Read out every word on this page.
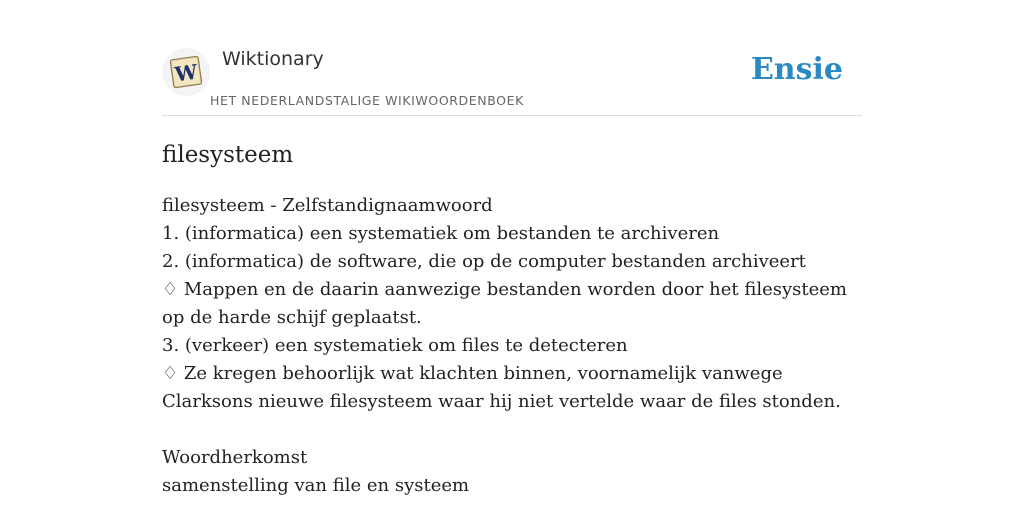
W
Wiktionary
HET NEDERLANDSTALIGE WIKIWOORDENBOEK
Ensie
filesysteem

filesysteem - Zelfstandignaamwoord

1. (informatica) een systematiek om bestanden te archiveren

2. (informatica) de software, die op de computer bestanden archiveert

♢ Mappen en de daarin aanwezige bestanden worden door het filesysteem op de harde schijf geplaatst.

3. (verkeer) een systematiek om files te detecteren

♢ Ze kregen behoorlijk wat klachten binnen, voornamelijk vanwege Clarksons nieuwe filesysteem waar hij niet vertelde waar de files stonden.

Woordherkomst

samenstelling van file en systeem
